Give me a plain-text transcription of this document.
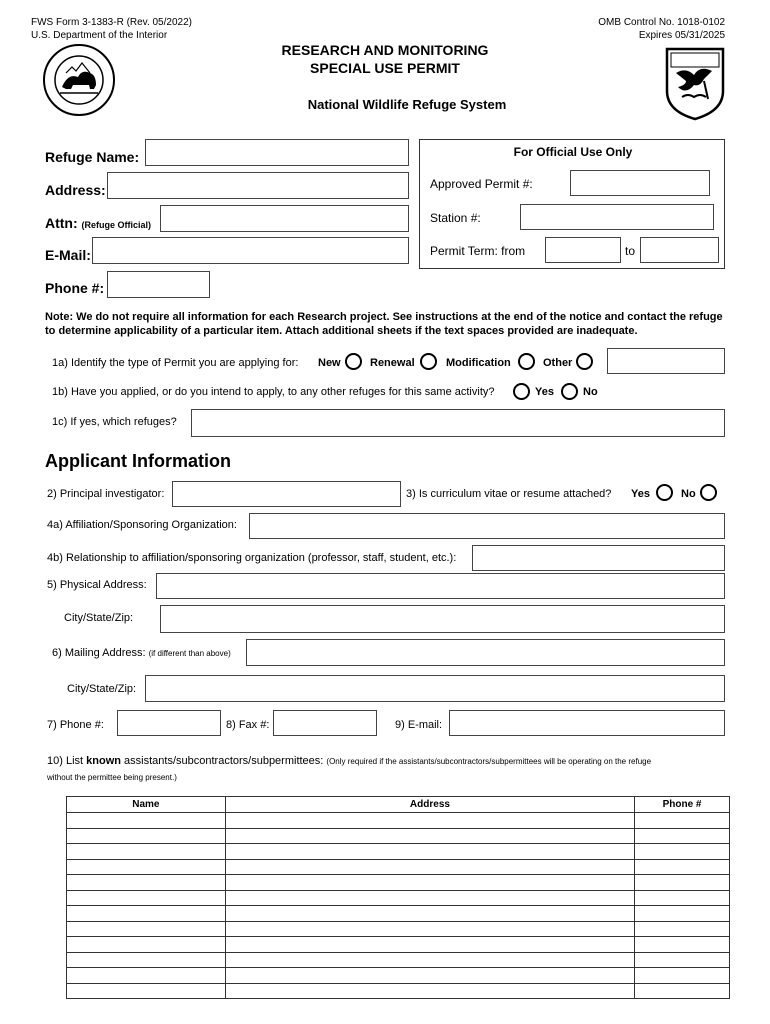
FWS Form 3-1383-R (Rev. 05/2022)
U.S. Department of the Interior
OMB Control No. 1018-0102
Expires 05/31/2025
RESEARCH AND MONITORING
SPECIAL USE PERMIT
National Wildlife Refuge System
Refuge Name:
Address:
Attn: (Refuge Official)
E-Mail:
Phone #:
For Official Use Only
Approved Permit #:
Station #:
Permit Term: from	to
Note: We do not require all information for each Research project. See instructions at the end of the notice and contact the refuge to determine applicability of a particular item. Attach additional sheets if the text spaces provided are inadequate.
1a) Identify the type of Permit you are applying for: New	Renewal	Modification	Other
1b) Have you applied, or do you intend to apply, to any other refuges for this same activity?	Yes	No
1c) If yes, which refuges?
Applicant Information
2) Principal investigator:	3) Is curriculum vitae or resume attached? Yes	No
4a) Affiliation/Sponsoring Organization:
4b) Relationship to affiliation/sponsoring organization (professor, staff, student, etc.):
5) Physical Address:
City/State/Zip:
6) Mailing Address: (if different than above)
City/State/Zip:
7) Phone #:	8) Fax #:	9) E-mail:
10) List known assistants/subcontractors/subpermittees: (Only required if the assistants/subcontractors/subpermittees will be operating on the refuge
without the permittee being present.)
Name	Address	Phone #
